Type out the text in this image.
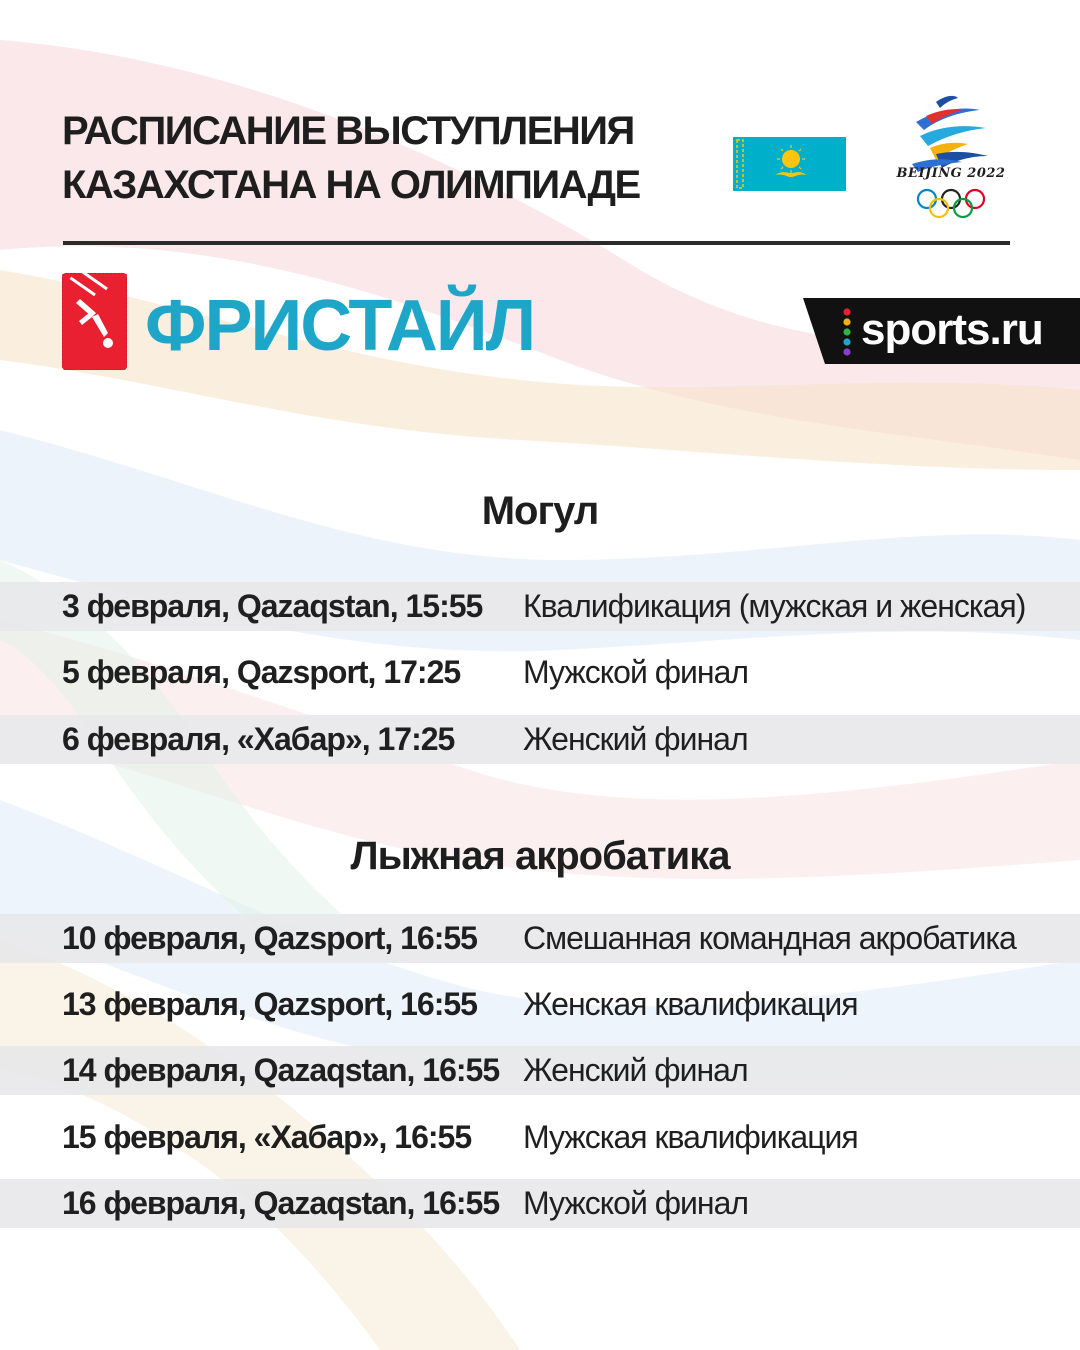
РАСПИСАНИЕ ВЫСТУПЛЕНИЯ
КАЗАХСТАНА НА ОЛИМПИАДЕ	BEIJING 2022
ФРИСТАЙЛ	sports.ru
Могул
3 февраля, Qazaqstan, 15:55 Квалификация (мужская и женская)
5 февраля, Qazsport, 17:25 Мужской финал
6 февраля, «Хабар», 17:25 Женский финал
Лыжная акробатика
10 февраля, Qazsport, 16:55 Смешанная командная акробатика
13 февраля, Qazsport, 16:55 Женская квалификация
14 февраля, Qazaqstan, 16:55 Женский финал
15 февраля, «Хабар», 16:55 Мужская квалификация
16 февраля, Qazaqstan, 16:55 Мужской финал
